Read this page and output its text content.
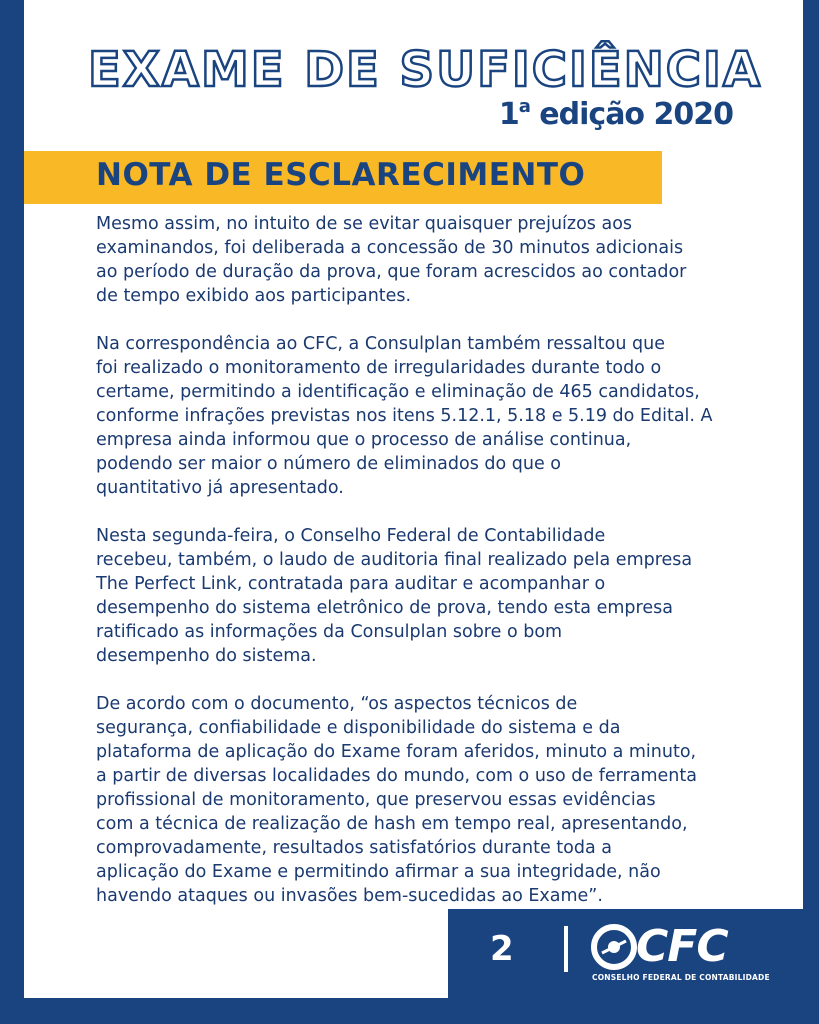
EXAME DE SUFICIÊNCIA
1$^a$ edição 2020
NOTA DE ESCLARECIMENTO

Mesmo assim, no intuito de se evitar quaisquer prejuízos aos
examinandos, foi deliberada a concessão de 30 minutos adicionais
ao período de duração da prova, que foram acrescidos ao contador
de tempo exibido aos participantes.

Na correspondência ao CFC, a Consulplan também ressaltou que
foi realizado o monitoramento de irregularidades durante todo o
certame, permitindo a identificação e eliminação de 465 candidatos,
conforme infrações previstas nos itens 5.12.1, 5.18 e 5.19 do Edital. A
empresa ainda informou que o processo de análise continua,
podendo ser maior o número de eliminados do que o
quantitativo já apresentado.

Nesta segunda-feira, o Conselho Federal de Contabilidade
recebeu, também, o laudo de auditoria final realizado pela empresa
The Perfect Link, contratada para auditar e acompanhar o
desempenho do sistema eletrônico de prova, tendo esta empresa
ratificado as informações da Consulplan sobre o bom
desempenho do sistema.

De acordo com o documento, “os aspectos técnicos de
segurança, confiabilidade e disponibilidade do sistema e da
plataforma de aplicação do Exame foram aferidos, minuto a minuto,
a partir de diversas localidades do mundo, com o uso de ferramenta
profissional de monitoramento, que preservou essas evidências
com a técnica de realização de hash em tempo real, apresentando,
comprovadamente, resultados satisfatórios durante toda a
aplicação do Exame e permitindo afirmar a sua integridade, não
havendo ataques ou invasões bem-sucedidas ao Exame”.

2	CFC
CONSELHO FEDERAL DE CONTABILIDADE
